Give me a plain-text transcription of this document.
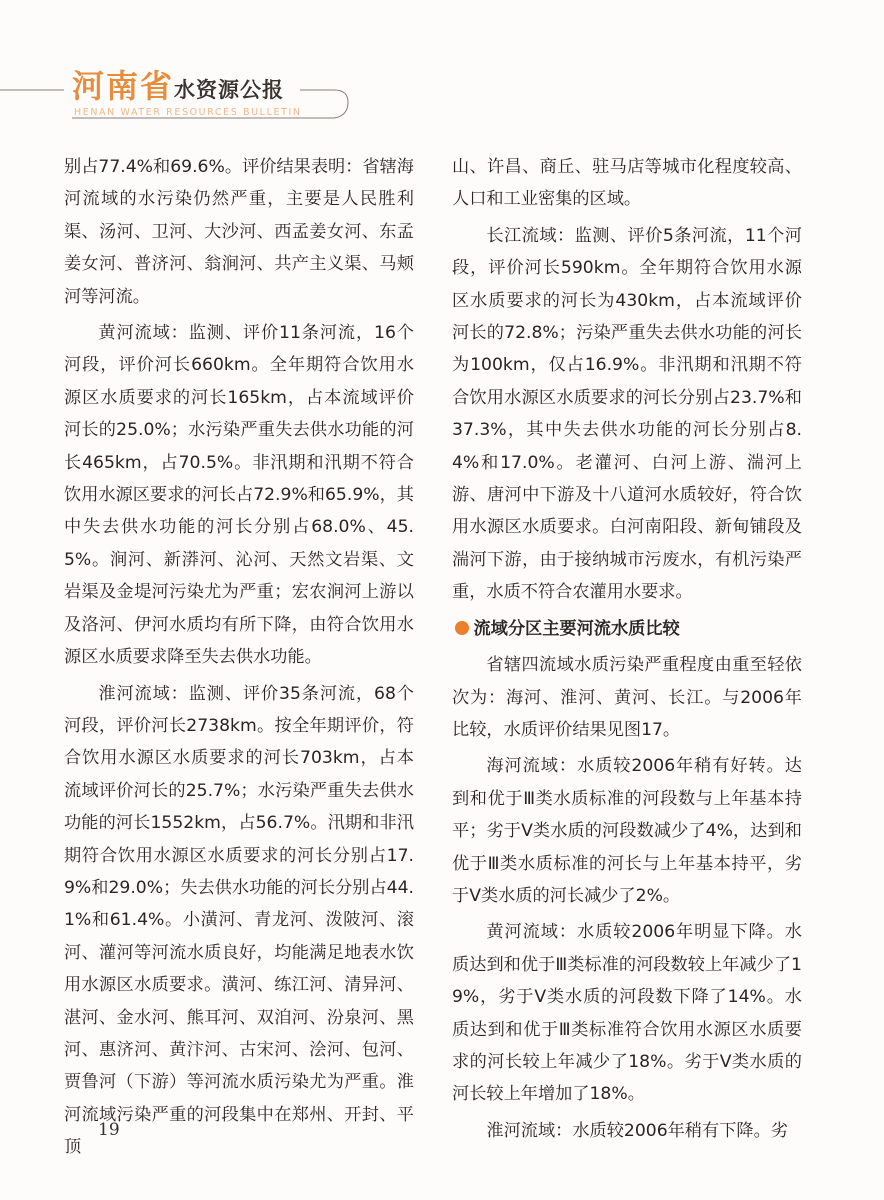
河南省水资源公报
HENAN WATER RESOURCES BULLETIN

别占77.4%和69.6%。评价结果表明：省辖海河流域的水污染仍然严重，主要是人民胜利渠、汤河、卫河、大沙河、西孟姜女河、东孟姜女河、普济河、翁涧河、共产主义渠、马颊河等河流。

黄河流域：监测、评价11条河流，16个河段，评价河长660km。全年期符合饮用水源区水质要求的河长165km，占本流域评价河长的25.0%；水污染严重失去供水功能的河长465km，占70.5%。非汛期和汛期不符合饮用水源区要求的河长占72.9%和65.9%，其中失去供水功能的河长分别占68.0%、45.5%。涧河、新漭河、沁河、天然文岩渠、文岩渠及金堤河污染尤为严重；宏农涧河上游以及洛河、伊河水质均有所下降，由符合饮用水源区水质要求降至失去供水功能。

淮河流域：监测、评价35条河流，68个河段，评价河长2738km。按全年期评价，符合饮用水源区水质要求的河长703km，占本流域评价河长的25.7%；水污染严重失去供水功能的河长1552km，占56.7%。汛期和非汛期符合饮用水源区水质要求的河长分别占17.9%和29.0%；失去供水功能的河长分别占44.1%和61.4%。小潢河、青龙河、泼陂河、滚河、灌河等河流水质良好，均能满足地表水饮用水源区水质要求。潢河、练江河、清异河、湛河、金水河、熊耳河、双洎河、汾泉河、黑河、惠济河、黄汴河、古宋河、浍河、包河、贾鲁河（下游）等河流水质污染尤为严重。淮河流域污染严重的河段集中在郑州、开封、平顶

山、许昌、商丘、驻马店等城市化程度较高、人口和工业密集的区域。

长江流域：监测、评价5条河流，11个河段，评价河长590km。全年期符合饮用水源区水质要求的河长为430km，占本流域评价河长的72.8%；污染严重失去供水功能的河长为100km，仅占16.9%。非汛期和汛期不符合饮用水源区水质要求的河长分别占23.7%和37.3%，其中失去供水功能的河长分别占8.4%和17.0%。老灌河、白河上游、湍河上游、唐河中下游及十八道河水质较好，符合饮用水源区水质要求。白河南阳段、新甸铺段及湍河下游，由于接纳城市污废水，有机污染严重，水质不符合农灌用水要求。

流域分区主要河流水质比较

省辖四流域水质污染严重程度由重至轻依次为：海河、淮河、黄河、长江。与2006年比较，水质评价结果见图17。

海河流域：水质较2006年稍有好转。达到和优于Ⅲ类水质标准的河段数与上年基本持平；劣于Ⅴ类水质的河段数减少了4%，达到和优于Ⅲ类水质标准的河长与上年基本持平，劣于Ⅴ类水质的河长减少了2%。

黄河流域：水质较2006年明显下降。水质达到和优于Ⅲ类标准的河段数较上年减少了19%，劣于Ⅴ类水质的河段数下降了14%。水质达到和优于Ⅲ类标准符合饮用水源区水质要求的河长较上年减少了18%。劣于Ⅴ类水质的河长较上年增加了18%。

淮河流域：水质较2006年稍有下降。劣

19
